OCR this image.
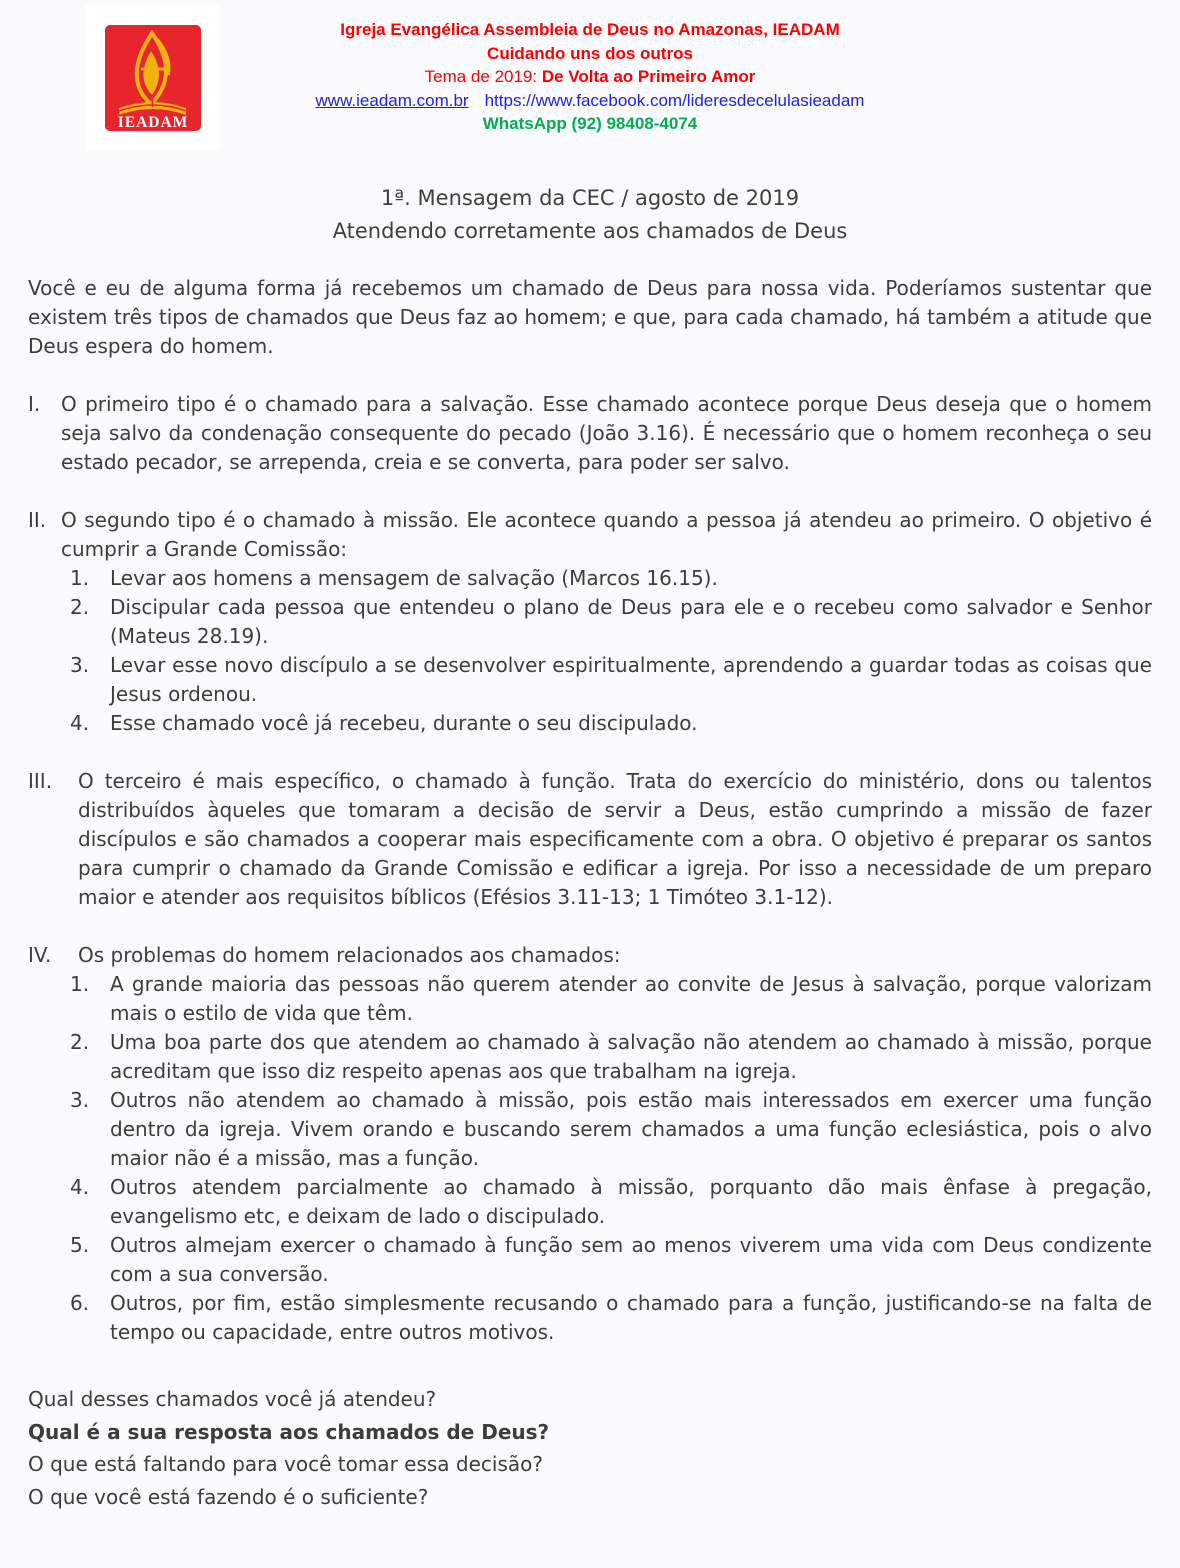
IEADAM
Igreja Evangélica Assembleia de Deus no Amazonas, IEADAM
Cuidando uns dos outros
Tema de 2019: De Volta ao Primeiro Amor
www.ieadam.com.br https://www.facebook.com/lideresdecelulasieadam
WhatsApp (92) 98408-4074
1ª. Mensagem da CEC / agosto de 2019
Atendendo corretamente aos chamados de Deus

Você e eu de alguma forma já recebemos um chamado de Deus para nossa vida. Poderíamos sustentar que existem três tipos de chamados que Deus faz ao homem; e que, para cada chamado, há também a atitude que Deus espera do homem.

I.	O primeiro tipo é o chamado para a salvação. Esse chamado acontece porque Deus deseja que o homem seja salvo da condenação consequente do pecado (João 3.16). É necessário que o homem reconheça o seu estado pecador, se arrependa, creia e se converta, para poder ser salvo.

II. O segundo tipo é o chamado à missão. Ele acontece quando a pessoa já atendeu ao primeiro. O objetivo é cumprir a Grande Comissão:

1.	Levar aos homens a mensagem de salvação (Marcos 16.15).
2.	Discipular cada pessoa que entendeu o plano de Deus para ele e o recebeu como salvador e Senhor (Mateus 28.19).
3.	Levar esse novo discípulo a se desenvolver espiritualmente, aprendendo a guardar todas as coisas que Jesus ordenou.
4.	Esse chamado você já recebeu, durante o seu discipulado.
III.	O terceiro é mais específico, o chamado à função. Trata do exercício do ministério, dons ou talentos distribuídos àqueles que tomaram a decisão de servir a Deus, estão cumprindo a missão de fazer discípulos e são chamados a cooperar mais especificamente com a obra. O objetivo é preparar os santos para cumprir o chamado da Grande Comissão e edificar a igreja. Por isso a necessidade de um preparo maior e atender aos requisitos bíblicos (Efésios 3.11-13; 1 Timóteo 3.1-12).

IV.	Os problemas do homem relacionados aos chamados:

1.	A grande maioria das pessoas não querem atender ao convite de Jesus à salvação, porque valorizam mais o estilo de vida que têm.
2.	Uma boa parte dos que atendem ao chamado à salvação não atendem ao chamado à missão, porque acreditam que isso diz respeito apenas aos que trabalham na igreja.
3.	Outros não atendem ao chamado à missão, pois estão mais interessados em exercer uma função dentro da igreja. Vivem orando e buscando serem chamados a uma função eclesiástica, pois o alvo maior não é a missão, mas a função.
4.	Outros atendem parcialmente ao chamado à missão, porquanto dão mais ênfase à pregação, evangelismo etc, e deixam de lado o discipulado.
5.	Outros almejam exercer o chamado à função sem ao menos viverem uma vida com Deus condizente com a sua conversão.
6.	Outros, por fim, estão simplesmente recusando o chamado para a função, justificando-se na falta de tempo ou capacidade, entre outros motivos.
Qual desses chamados você já atendeu?
Qual é a sua resposta aos chamados de Deus?
O que está faltando para você tomar essa decisão?
O que você está fazendo é o suficiente?
